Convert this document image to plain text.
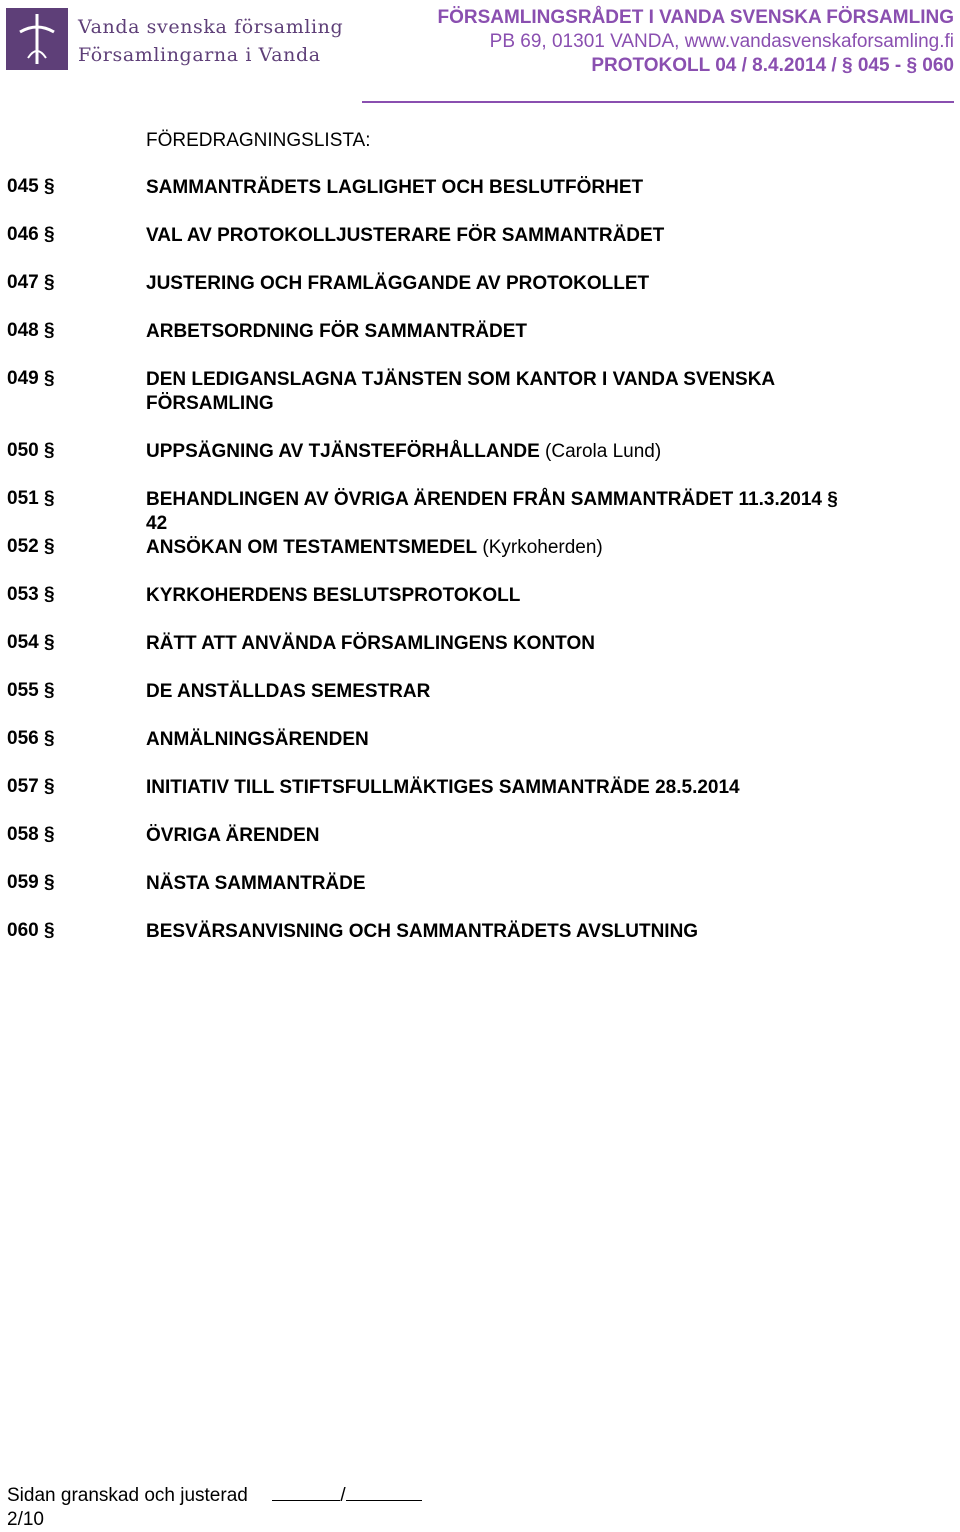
Vanda svenska församling
Församlingarna i Vanda
FÖRSAMLINGSRÅDET I VANDA SVENSKA FÖRSAMLING
PB 69, 01301 VANDA, www.vandasvenskaforsamling.fi
PROTOKOLL 04 / 8.4.2014 / § 045 - § 060
FÖREDRAGNINGSLISTA:
045 §	SAMMANTRÄDETS LAGLIGHET OCH BESLUTFÖRHET
046 §	VAL AV PROTOKOLLJUSTERARE FÖR SAMMANTRÄDET
047 §	JUSTERING OCH FRAMLÄGGANDE AV PROTOKOLLET
048 §	ARBETSORDNING FÖR SAMMANTRÄDET
049 §	DEN LEDIGANSLAGNA TJÄNSTEN SOM KANTOR I VANDA SVENSKA FÖRSAMLING
050 §	UPPSÄGNING AV TJÄNSTEFÖRHÅLLANDE (Carola Lund)
051 §	BEHANDLINGEN AV ÖVRIGA ÄRENDEN FRÅN SAMMANTRÄDET 11.3.2014 § 42
052 §	ANSÖKAN OM TESTAMENTSMEDEL (Kyrkoherden)
053 §	KYRKOHERDENS BESLUTSPROTOKOLL
054 §	RÄTT ATT ANVÄNDA FÖRSAMLINGENS KONTON
055 §	DE ANSTÄLLDAS SEMESTRAR
056 §	ANMÄLNINGSÄRENDEN
057 §	INITIATIV TILL STIFTSFULLMÄKTIGES SAMMANTRÄDE 28.5.2014
058 §	ÖVRIGA ÄRENDEN
059 §	NÄSTA SAMMANTRÄDE
060 §	BESVÄRSANVISNING OCH SAMMANTRÄDETS AVSLUTNING
Sidan granskad och justerad	/
2/10
